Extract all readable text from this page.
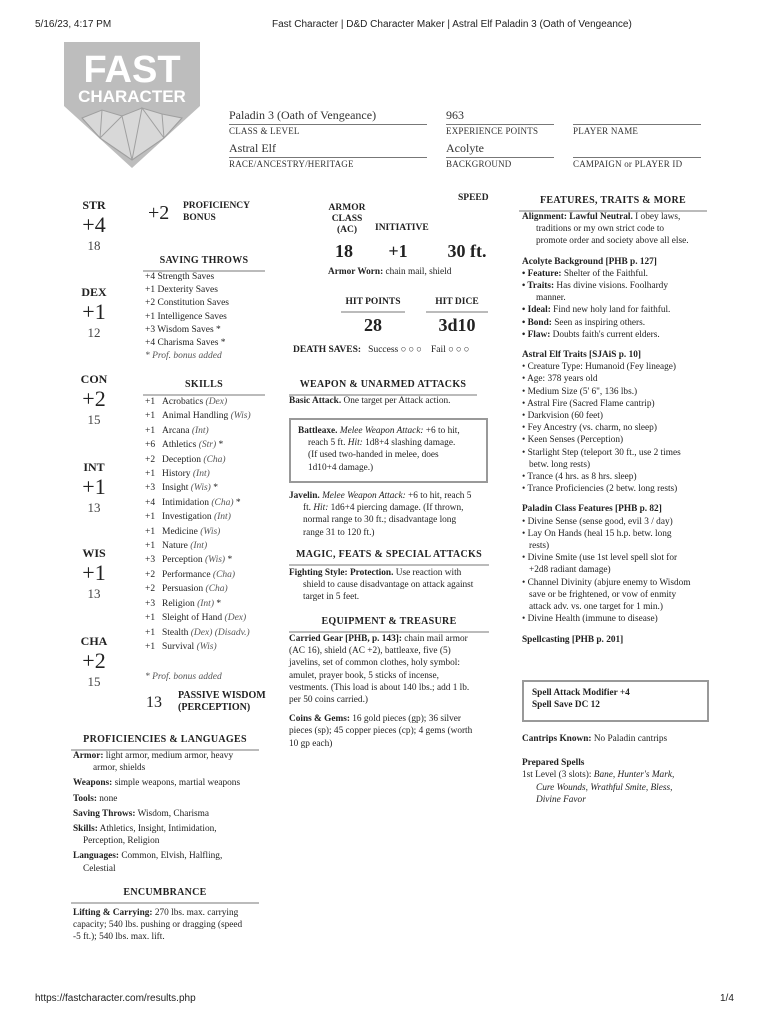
5/16/23, 4:17 PM	Fast Character | D&D Character Maker | Astral Elf Paladin 3 (Oath of Vengeance)
https://fastcharacter.com/results.php	1/4
FAST
CHARACTER
Paladin 3 (Oath of Vengeance)
CLASS & LEVEL
963
EXPERIENCE POINTS	PLAYER NAME
Astral Elf
RACE/ANCESTRY/HERITAGE
Acolyte
BACKGROUND	CAMPAIGN or PLAYER ID
STR
+4
18
DEX
+1
12
CON
+2
15
INT
+1
13
WIS
+1
13
CHA
+2
15
+2 PROFICIENCY
BONUS
SAVING THROWS
+4 Strength Saves
+1 Dexterity Saves
+2 Constitution Saves
+1 Intelligence Saves
+3 Wisdom Saves *
+4 Charisma Saves *
* Prof. bonus added
SKILLS
+1 Acrobatics (Dex)
+1 Animal Handling (Wis)
+1 Arcana (Int)
+6 Athletics (Str) *
+2 Deception (Cha)
+1 History (Int)
+3 Insight (Wis) *
+4 Intimidation (Cha) *
+1 Investigation (Int)
+1 Medicine (Wis)
+1 Nature (Int)
+3 Perception (Wis) *
+2 Performance (Cha)
+2 Persuasion (Cha)
+3 Religion (Int) *
+1 Sleight of Hand (Dex)
+1 Stealth (Dex) (Disadv.)
+1 Survival (Wis)
* Prof. bonus added
13 PASSIVE WISDOM
(PERCEPTION)
PROFICIENCIES & LANGUAGES
Armor: light armor, medium armor, heavy
armor, shields
Weapons: simple weapons, martial weapons
Tools: none
Saving Throws: Wisdom, Charisma
Skills: Athletics, Insight, Intimidation,
Perception, Religion
Languages: Common, Elvish, Halfling,
Celestial
ENCUMBRANCE
Lifting & Carrying: 270 lbs. max. carrying
capacity; 540 lbs. pushing or dragging (speed
-5 ft.); 540 lbs. max. lift.
ARMOR
CLASS
(AC)	INITIATIVE
SPEED
18	+1	30 ft.
Armor Worn: chain mail, shield
HIT POINTS	HIT DICE
28	3d10
DEATH SAVES: Success ○○○ Fail ○○○
WEAPON & UNARMED ATTACKS
Basic Attack. One target per Attack action.
Battleaxe. Melee Weapon Attack: +6 to hit,
reach 5 ft. Hit: 1d8+4 slashing damage.
(If used two-handed in melee, does
1d10+4 damage.)
Javelin. Melee Weapon Attack: +6 to hit, reach 5
ft. Hit: 1d6+4 piercing damage. (If thrown,
normal range to 30 ft.; disadvantage long
range 31 to 120 ft.)
MAGIC, FEATS & SPECIAL ATTACKS
Fighting Style: Protection. Use reaction with
shield to cause disadvantage on attack against
target in 5 feet.
EQUIPMENT & TREASURE
Carried Gear [PHB, p. 143]: chain mail armor
(AC 16), shield (AC +2), battleaxe, five (5)
javelins, set of common clothes, holy symbol:
amulet, prayer book, 5 sticks of incense,
vestments. (This load is about 140 lbs.; add 1 lb.
per 50 coins carried.)
Coins & Gems: 16 gold pieces (gp); 36 silver
pieces (sp); 45 copper pieces (cp); 4 gems (worth
10 gp each)
FEATURES, TRAITS & MORE
Alignment: Lawful Neutral. I obey laws,
traditions or my own strict code to
promote order and society above all else.
Acolyte Background [PHB p. 127]
• Feature: Shelter of the Faithful.
• Traits: Has divine visions. Foolhardy
manner.
• Ideal: Find new holy land for faithful.
• Bond: Seen as inspiring others.
• Flaw: Doubts faith's current elders.
Astral Elf Traits [SJAiS p. 10]
• Creature Type: Humanoid (Fey lineage)
• Age: 378 years old
• Medium Size (5' 6", 136 lbs.)
• Astral Fire (Sacred Flame cantrip)
• Darkvision (60 feet)
• Fey Ancestry (vs. charm, no sleep)
• Keen Senses (Perception)
• Starlight Step (teleport 30 ft., use 2 times
betw. long rests)
• Trance (4 hrs. as 8 hrs. sleep)
• Trance Proficiencies (2 betw. long rests)
Paladin Class Features [PHB p. 82]
• Divine Sense (sense good, evil 3 / day)
• Lay On Hands (heal 15 h.p. betw. long
rests)
• Divine Smite (use 1st level spell slot for
+2d8 radiant damage)
• Channel Divinity (abjure enemy to Wisdom
save or be frightened, or vow of enmity
attack adv. vs. one target for 1 min.)
• Divine Health (immune to disease)
Spellcasting [PHB p. 201]
Spell Attack Modifier +4
Spell Save DC 12
Cantrips Known: No Paladin cantrips
Prepared Spells
1st Level (3 slots): Bane, Hunter's Mark,
Cure Wounds, Wrathful Smite, Bless,
Divine Favor
